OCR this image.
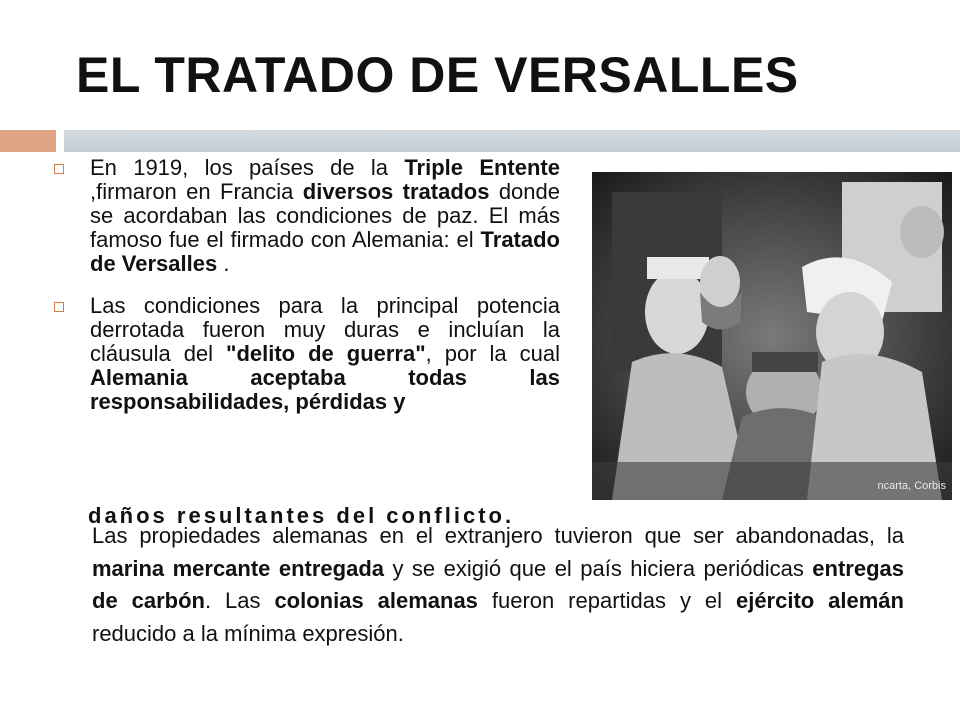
EL TRATADO DE VERSALLES
En 1919, los países de la Triple Entente ,firmaron en Francia diversos tratados donde se acordaban las condiciones de paz. El más famoso fue el firmado con Alemania: el Tratado de Versalles .
Las condiciones para la principal potencia derrotada fueron muy duras e incluían la cláusula del "delito de guerra", por la cual Alemania aceptaba todas las responsabilidades, pérdidas y
ncarta, Corbis
daños resultantes del conflicto.

Las propiedades alemanas en el extranjero tuvieron que ser abandonadas, la marina mercante entregada y se exigió que el país hiciera periódicas entregas de carbón. Las colonias alemanas fueron repartidas y el ejército alemán reducido a la mínima expresión.
